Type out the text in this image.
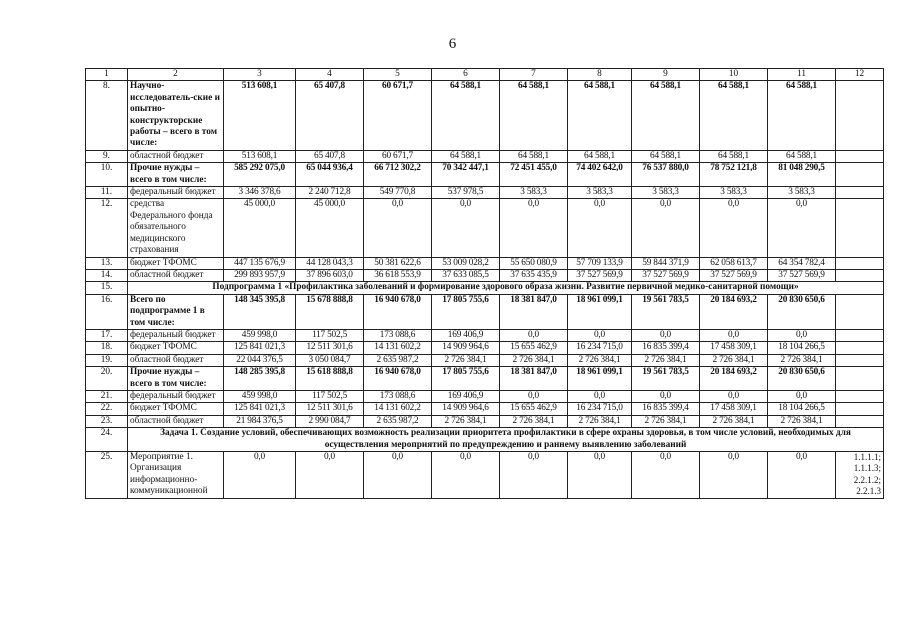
6
1	2	3	4	5	6	7	8	9	10	11	12
8.	Научно-исследователь-ские и опытно-конструкторские работы – всего в том числе:	513 608,1	65 407,8	60 671,7	64 588,1	64 588,1	64 588,1	64 588,1	64 588,1	64 588,1	
9.	областной бюджет	513 608,1	65 407,8	60 671,7	64 588,1	64 588,1	64 588,1	64 588,1	64 588,1	64 588,1	
10.	Прочие нужды – всего в том числе:	585 292 075,0	65 044 936,4	66 712 302,2	70 342 447,1	72 451 455,0	74 402 642,0	76 537 880,0	78 752 121,8	81 048 290,5	
11.	федеральный бюджет	3 346 378,6	2 240 712,8	549 770,8	537 978,5	3 583,3	3 583,3	3 583,3	3 583,3	3 583,3	
12.	средства Федерального фонда обязательного медицинского страхования	45 000,0	45 000,0	0,0	0,0	0,0	0,0	0,0	0,0	0,0	
13.	бюджет ТФОМС	447 135 676,9	44 128 043,3	50 381 622,6	53 009 028,2	55 650 080,9	57 709 133,9	59 844 371,9	62 058 613,7	64 354 782,4	
14.	областной бюджет	299 893 957,9	37 896 603,0	36 618 553,9	37 633 085,5	37 635 435,9	37 527 569,9	37 527 569,9	37 527 569,9	37 527 569,9	
15.	Подпрограмма 1 «Профилактика заболеваний и формирование здорового образа жизни. Развитие первичной медико-санитарной помощи»										
16.	Всего по подпрограмме 1 в том числе:	148 345 395,8	15 678 888,8	16 940 678,0	17 805 755,6	18 381 847,0	18 961 099,1	19 561 783,5	20 184 693,2	20 830 650,6	
17.	федеральный бюджет	459 998,0	117 502,5	173 088,6	169 406,9	0,0	0,0	0,0	0,0	0,0	
18.	бюджет ТФОМС	125 841 021,3	12 511 301,6	14 131 602,2	14 909 964,6	15 655 462,9	16 234 715,0	16 835 399,4	17 458 309,1	18 104 266,5	
19.	областной бюджет	22 044 376,5	3 050 084,7	2 635 987,2	2 726 384,1	2 726 384,1	2 726 384,1	2 726 384,1	2 726 384,1	2 726 384,1	
20.	Прочие нужды – всего в том числе:	148 285 395,8	15 618 888,8	16 940 678,0	17 805 755,6	18 381 847,0	18 961 099,1	19 561 783,5	20 184 693,2	20 830 650,6	
21.	федеральный бюджет	459 998,0	117 502,5	173 088,6	169 406,9	0,0	0,0	0,0	0,0	0,0	
22.	бюджет ТФОМС	125 841 021,3	12 511 301,6	14 131 602,2	14 909 964,6	15 655 462,9	16 234 715,0	16 835 399,4	17 458 309,1	18 104 266,5	
23.	областной бюджет	21 984 376,5	2 990 084,7	2 635 987,2	2 726 384,1	2 726 384,1	2 726 384,1	2 726 384,1	2 726 384,1	2 726 384,1	
24.	Задача 1. Создание условий, обеспечивающих возможность реализации приоритета профилактики в сфере охраны здоровья, в том числе условий, необходимых для осуществления мероприятий по предупреждению и раннему выявлению заболеваний										
25.	Мероприятие 1. Организация информационно-коммуникационной	0,0	0,0	0,0	0,0	0,0	0,0	0,0	0,0	0,0	1.1.1.1; 1.1.1.3; 2.2.1.2; 2.2.1.3
